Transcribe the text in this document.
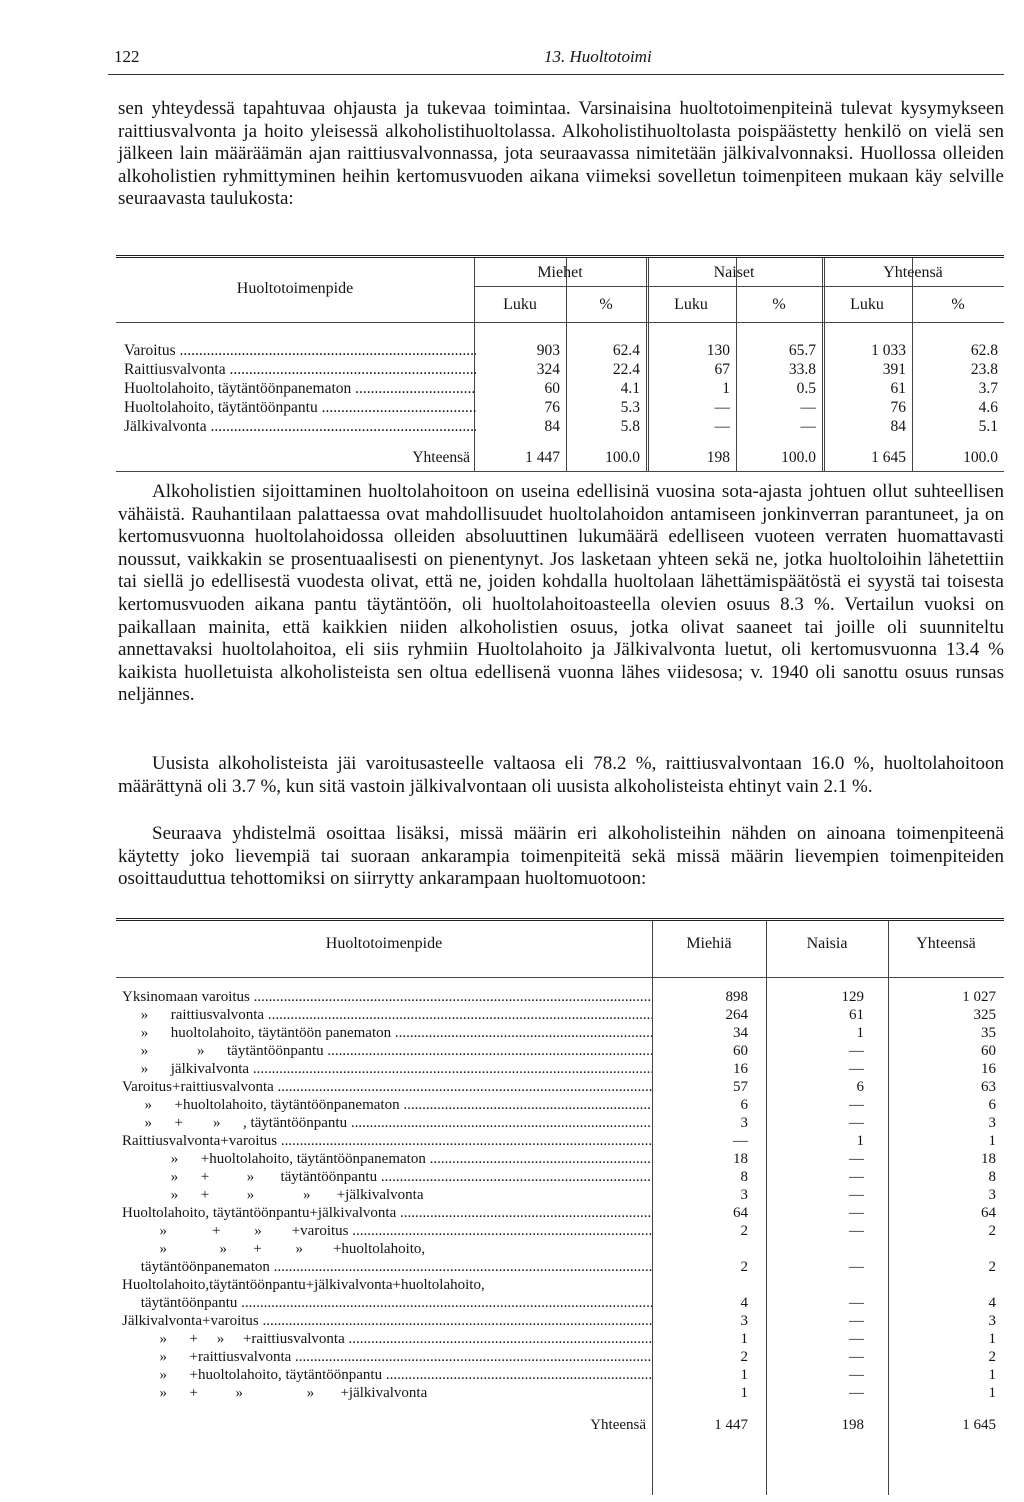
122	13. Huoltotoimi

sen yhteydessä tapahtuvaa ohjausta ja tukevaa toimintaa. Varsinaisina huoltotoimenpiteinä tulevat kysymykseen raittiusvalvonta ja hoito yleisessä alkoholistihuoltolassa. Alkoholistihuoltolasta poispäästetty henkilö on vielä sen jälkeen lain määräämän ajan raittiusvalvonnassa, jota seuraavassa nimitetään jälkivalvonnaksi. Huollossa olleiden alkoholistien ryhmittyminen heihin kertomusvuoden aikana viimeksi sovelletun toimenpiteen mukaan käy selville seuraavasta taulukosta:

Huoltotoimenpide
Miehet	Naiset	Yhteensä
Luku	%	Luku	%	Luku	%
Varoitus .....	903	62.4	130	65.7	1 033	62.8
Raittiusvalvonta .....	324	22.4	67	33.8	391	23.8
Huoltolahoito, täytäntöönpanematon .....	60	4.1	1	0.5	61	3.7
Huoltolahoito, täytäntöönpantu .....	76	5.3	—	—	76	4.6
Jälkivalvonta .....	84	5.8	—	—	84	5.1
Yhteensä	1 447	100.0	198	100.0	1 645	100.0

Alkoholistien sijoittaminen huoltolahoitoon on useina edellisinä vuosina sota-ajasta johtuen ollut suhteellisen vähäistä. Rauhantilaan palattaessa ovat mahdollisuudet huoltolahoidon antamiseen jonkinverran parantuneet, ja on kertomusvuonna huoltolahoidossa olleiden absoluuttinen lukumäärä edelliseen vuoteen verraten huomattavasti noussut, vaikkakin se prosentuaalisesti on pienentynyt. Jos lasketaan yhteen sekä ne, jotka huoltoloihin lähetettiin tai siellä jo edellisestä vuodesta olivat, että ne, joiden kohdalla huoltolaan lähettämispäätöstä ei syystä tai toisesta kertomusvuoden aikana pantu täytäntöön, oli huoltolahoitoasteella olevien osuus 8.3 %. Vertailun vuoksi on paikallaan mainita, että kaikkien niiden alkoholistien osuus, jotka olivat saaneet tai joille oli suunniteltu annettavaksi huoltolahoitoa, eli siis ryhmiin Huoltolahoito ja Jälkivalvonta luetut, oli kertomusvuonna 13.4 % kaikista huolletuista alkoholisteista sen oltua edellisenä vuonna lähes viidesosa; v. 1940 oli sanottu osuus runsas neljännes.

Uusista alkoholisteista jäi varoitusasteelle valtaosa eli 78.2 %, raittiusvalvontaan 16.0 %, huoltolahoitoon määrättynä oli 3.7 %, kun sitä vastoin jälkivalvontaan oli uusista alkoholisteista ehtinyt vain 2.1 %.

Seuraava yhdistelmä osoittaa lisäksi, missä määrin eri alkoholisteihin nähden on ainoana toimenpiteenä käytetty joko lievempiä tai suoraan ankarampia toimenpiteitä sekä missä määrin lievempien toimenpiteiden osoittauduttua tehottomiksi on siirrytty ankarampaan huoltomuotoon:

Huoltotoimenpide	Miehiä	Naisia	Yhteensä
Yksinomaan varoitus .....	898	129	1 027
»      raittiusvalvonta .....	264	61	325
»      huoltolahoito, täytäntöön panematon .....	34	1	35
»             »      täytäntöönpantu .....	60	—	60
»      jälkivalvonta .....	16	—	16
Varoitus+raittiusvalvonta .....	57	6	63
»      +huoltolahoito, täytäntöönpanematon .....	6	—	6
»      +        »      , täytäntöönpantu .....	3	—	3
Raittiusvalvonta+varoitus .....	—	1	1
»      +huoltolahoito, täytäntöönpanematon .....	18	—	18
»      +          »       täytäntöönpantu .....	8	—	8
»      +          »             »       +jälkivalvonta	3	—	3
Huoltolahoito, täytäntöönpantu+jälkivalvonta .....	64	—	64
»            +         »        +varoitus .....	2	—	2
»              »       +         »        +huoltolahoito,
täytäntöönpanematon .....	2	—	2
Huoltolahoito,täytäntöönpantu+jälkivalvonta+huoltolahoito,
täytäntöönpantu .....	4	—	4
Jälkivalvonta+varoitus .....	3	—	3
»      +     »     +raittiusvalvonta .....	1	—	1
»      +raittiusvalvonta .....	2	—	2
»      +huoltolahoito, täytäntöönpantu .....	1	—	1
»      +          »                 »       +jälkivalvonta	1	—	1
Yhteensä	1 447	198	1 645
